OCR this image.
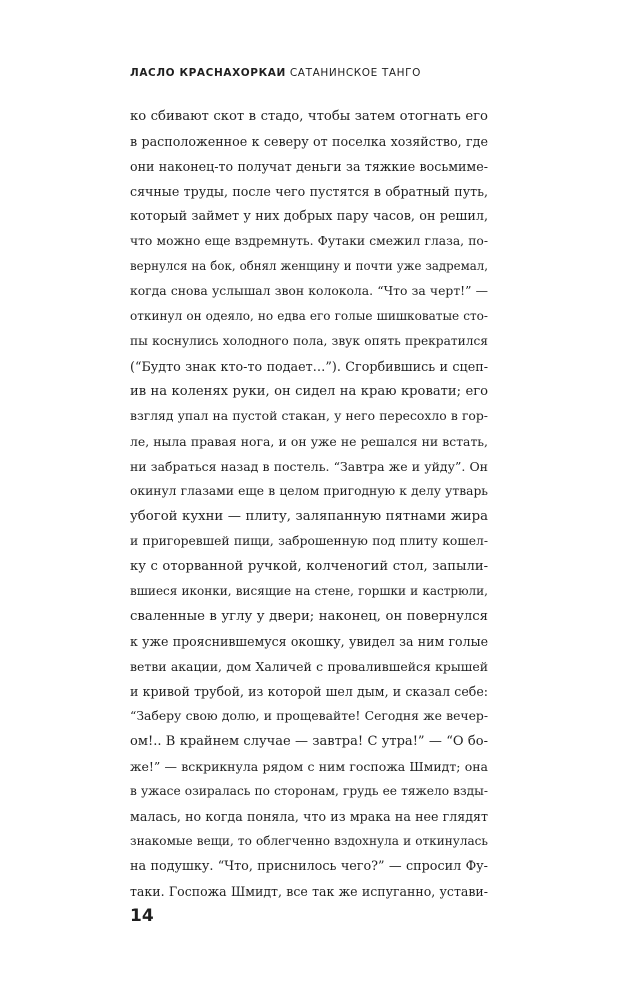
ЛАСЛО КРАСНАХОРКАИ САТАНИНСКОЕ ТАНГО
ко сбивают скот в стадо, чтобы затем отогнать его
в расположенное к северу от поселка хозяйство, где
они наконец-то получат деньги за тяжкие восьмиме-
сячные труды, после чего пустятся в обратный путь,
который займет у них добрых пару часов, он решил,
что можно еще вздремнуть. Футаки смежил глаза, по-
вернулся на бок, обнял женщину и почти уже задремал,
когда снова услышал звон колокола. “Что за черт!” —
откинул он одеяло, но едва его голые шишковатые сто-
пы коснулись холодного пола, звук опять прекратился
(“Будто знак кто-то подает…”). Сгорбившись и сцеп-
ив на коленях руки, он сидел на краю кровати; его
взгляд упал на пустой стакан, у него пересохло в гор-
ле, ныла правая нога, и он уже не решался ни встать,
ни забраться назад в постель. “Завтра же и уйду”. Он
окинул глазами еще в целом пригодную к делу утварь
убогой кухни — плиту, заляпанную пятнами жира
и пригоревшей пищи, заброшенную под плиту кошел-
ку с оторванной ручкой, колченогий стол, запыли-
вшиеся иконки, висящие на стене, горшки и кастрюли,
сваленные в углу у двери; наконец, он повернулся
к уже прояснившемуся окошку, увидел за ним голые
ветви акации, дом Халичей с провалившейся крышей
и кривой трубой, из которой шел дым, и сказал себе:
“Заберу свою долю, и прощевайте! Сегодня же вечер-
ом!.. В крайнем случае — завтра! С утра!” — “О бо-
же!” — вскрикнула рядом с ним госпожа Шмидт; она
в ужасе озиралась по сторонам, грудь ее тяжело взды-
малась, но когда поняла, что из мрака на нее глядят
знакомые вещи, то облегченно вздохнула и откинулась
на подушку. “Что, приснилось чего?” — спросил Фу-
таки. Госпожа Шмидт, все так же испуганно, устави-
14
